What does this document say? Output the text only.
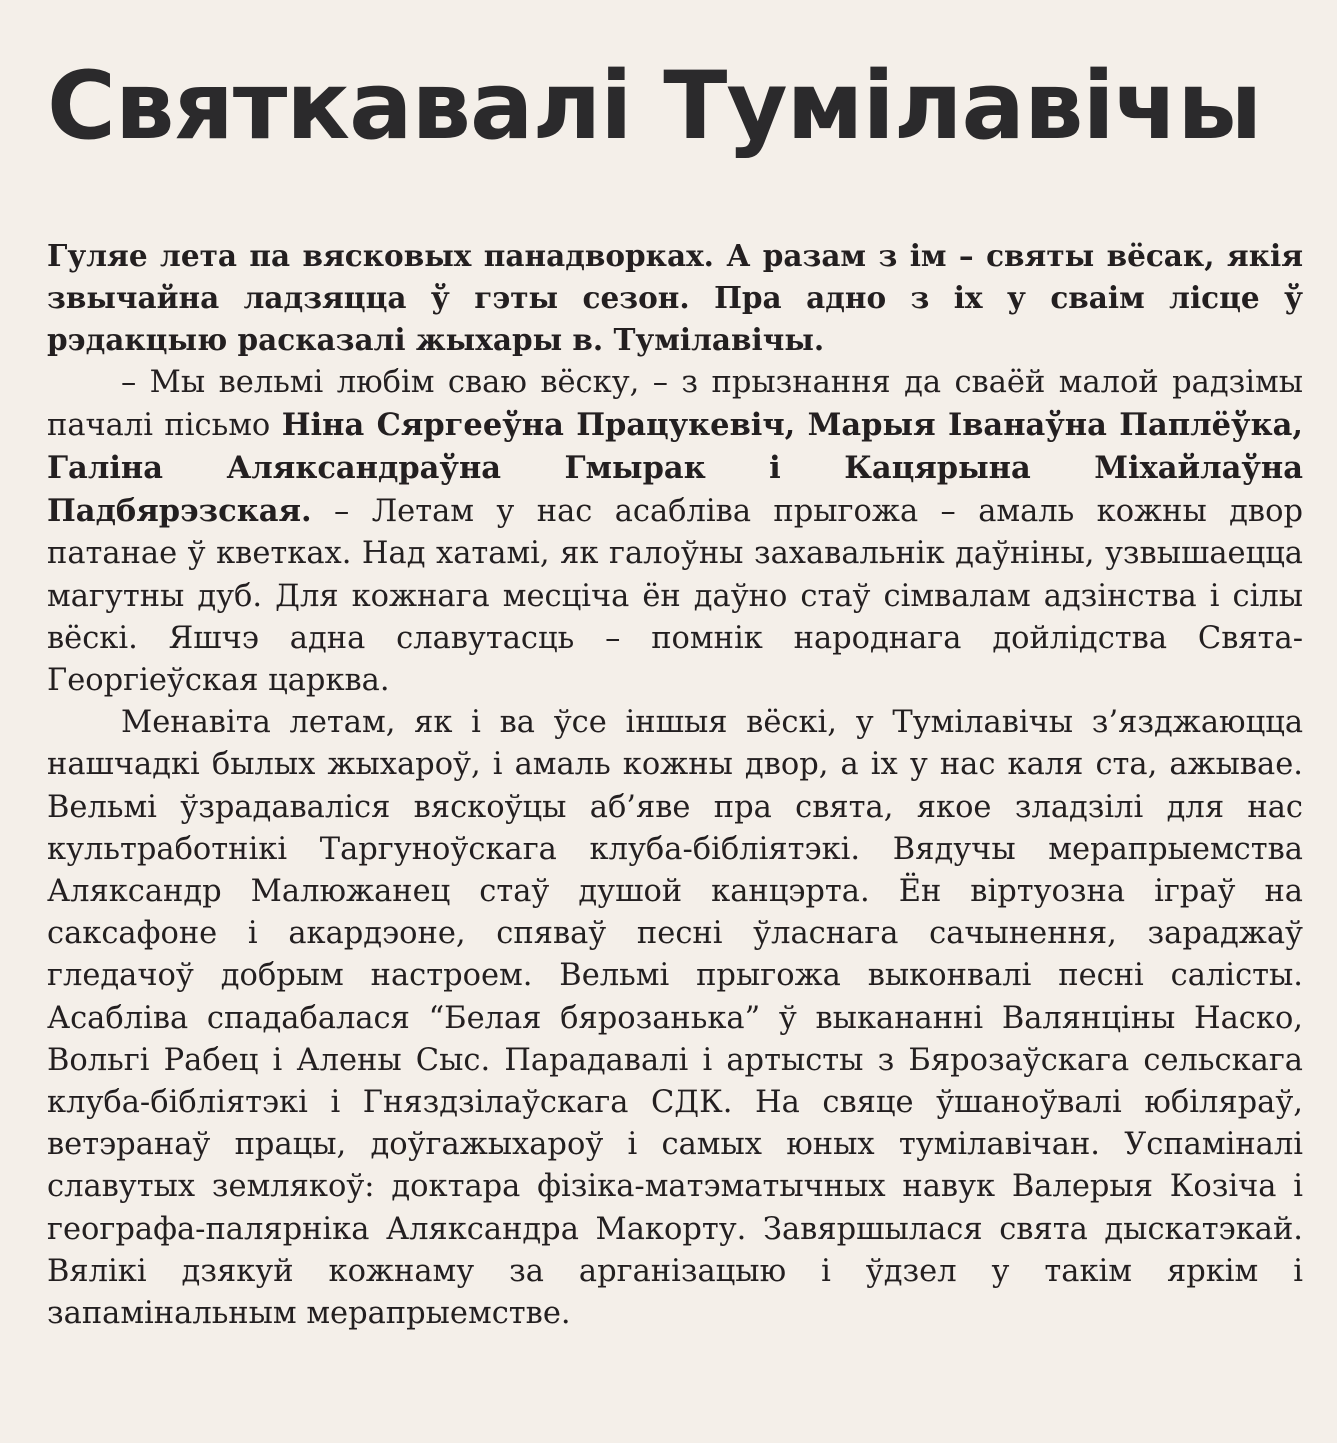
Святкавалі Тумілавічы

Гуляе лета па вясковых панадворках. А разам з ім – святы вёсак, якія звычайна ладзяцца ў гэты сезон. Пра адно з іх у сваім лісце ў рэдакцыю расказалі жыхары в. Тумілавічы.

– Мы вельмі любім сваю вёску, – з прызнання да сваёй малой радзімы пачалі пісьмо Ніна Сяргееўна Працукевіч, Марыя Іванаўна Паплёўка, Галіна Аляксандраўна Гмырак і Кацярына Міхайлаўна Падбярэзская. – Летам у нас асабліва прыгожа – амаль кожны двор патанае ў кветках. Над хатамі, як галоўны захавальнік даўніны, узвышаецца магутны дуб. Для кожнага месціча ён даўно стаў сімвалам адзінства і сілы вёскі. Яшчэ адна славутасць – помнік народнага дойлідства Свята-Георгіеўская царква.

Менавіта летам, як і ва ўсе іншыя вёскі, у Тумілавічы з’язджаюцца нашчадкі былых жыхароў, і амаль кожны двор, а іх у нас каля ста, ажывае. Вельмі ўзрадаваліся вяскоўцы аб’яве пра свята, якое зладзілі для нас культработнікі Таргуноўскага клуба-бібліятэкі. Вядучы мерапрыемства Аляксандр Малюжанец стаў душой канцэрта. Ён віртуозна іграў на саксафоне і акардэоне, спяваў песні ўласнага сачынення, зараджаў гледачоў добрым настроем. Вельмі прыгожа выконвалі песні салісты. Асабліва спадабалася “Белая бярозанька” ў выкананні Валянціны Наско, Вольгі Рабец і Алены Сыс. Парадавалі і артысты з Бярозаўскага сельскага клуба-бібліятэкі і Гняздзілаўскага СДК. На свяце ўшаноўвалі юбіляраў, ветэранаў працы, доўгажыхароў і самых юных тумілавічан. Успаміналі славутых землякоў: доктара фізіка-матэматычных навук Валерыя Козіча і географа-палярніка Аляксандра Макорту. Завяршылася свята дыскатэкай. Вялікі дзякуй кожнаму за арганізацыю і ўдзел у такім яркім і запамінальным мерапрыемстве.
